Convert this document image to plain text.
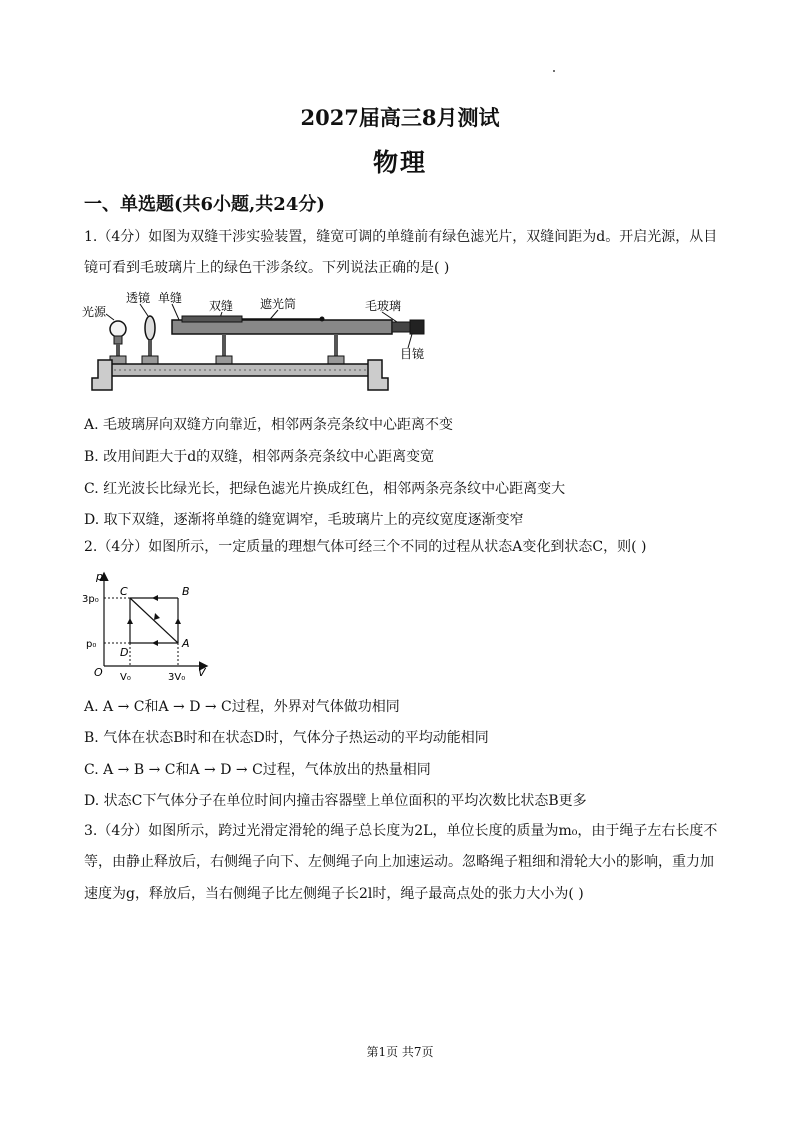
2027届高三8月测试
物理
一、单选题(共6小题,共24分)
1.（4分）如图为双缝干涉实验装置，缝宽可调的单缝前有绿色滤光片，双缝间距为d。开启光源，从目
镜可看到毛玻璃片上的绿色干涉条纹。下列说法正确的是( )
光源
透镜 单缝
双缝 遮光筒	毛玻璃
目镜
A. 毛玻璃屏向双缝方向靠近，相邻两条亮条纹中心距离不变
B. 改用间距大于d的双缝，相邻两条亮条纹中心距离变宽
C. 红光波长比绿光长，把绿色滤光片换成红色，相邻两条亮条纹中心距离变大
D. 取下双缝，逐渐将单缝的缝宽调窄，毛玻璃片上的亮纹宽度逐渐变窄
2.（4分）如图所示，一定质量的理想气体可经三个不同的过程从状态A变化到状态C，则( )
p
V
O
3p₀
p₀
V₀	3V₀
C	B
A
D
A. A → C和A → D → C过程，外界对气体做功相同
B. 气体在状态B时和在状态D时，气体分子热运动的平均动能相同
C. A → B → C和A → D → C过程，气体放出的热量相同
D. 状态C下气体分子在单位时间内撞击容器壁上单位面积的平均次数比状态B更多
3.（4分）如图所示，跨过光滑定滑轮的绳子总长度为2L，单位长度的质量为m₀，由于绳子左右长度不
等，由静止释放后，右侧绳子向下、左侧绳子向上加速运动。忽略绳子粗细和滑轮大小的影响，重力加
速度为g，释放后，当右侧绳子比左侧绳子长2l时，绳子最高点处的张力大小为( )
第1页 共7页
